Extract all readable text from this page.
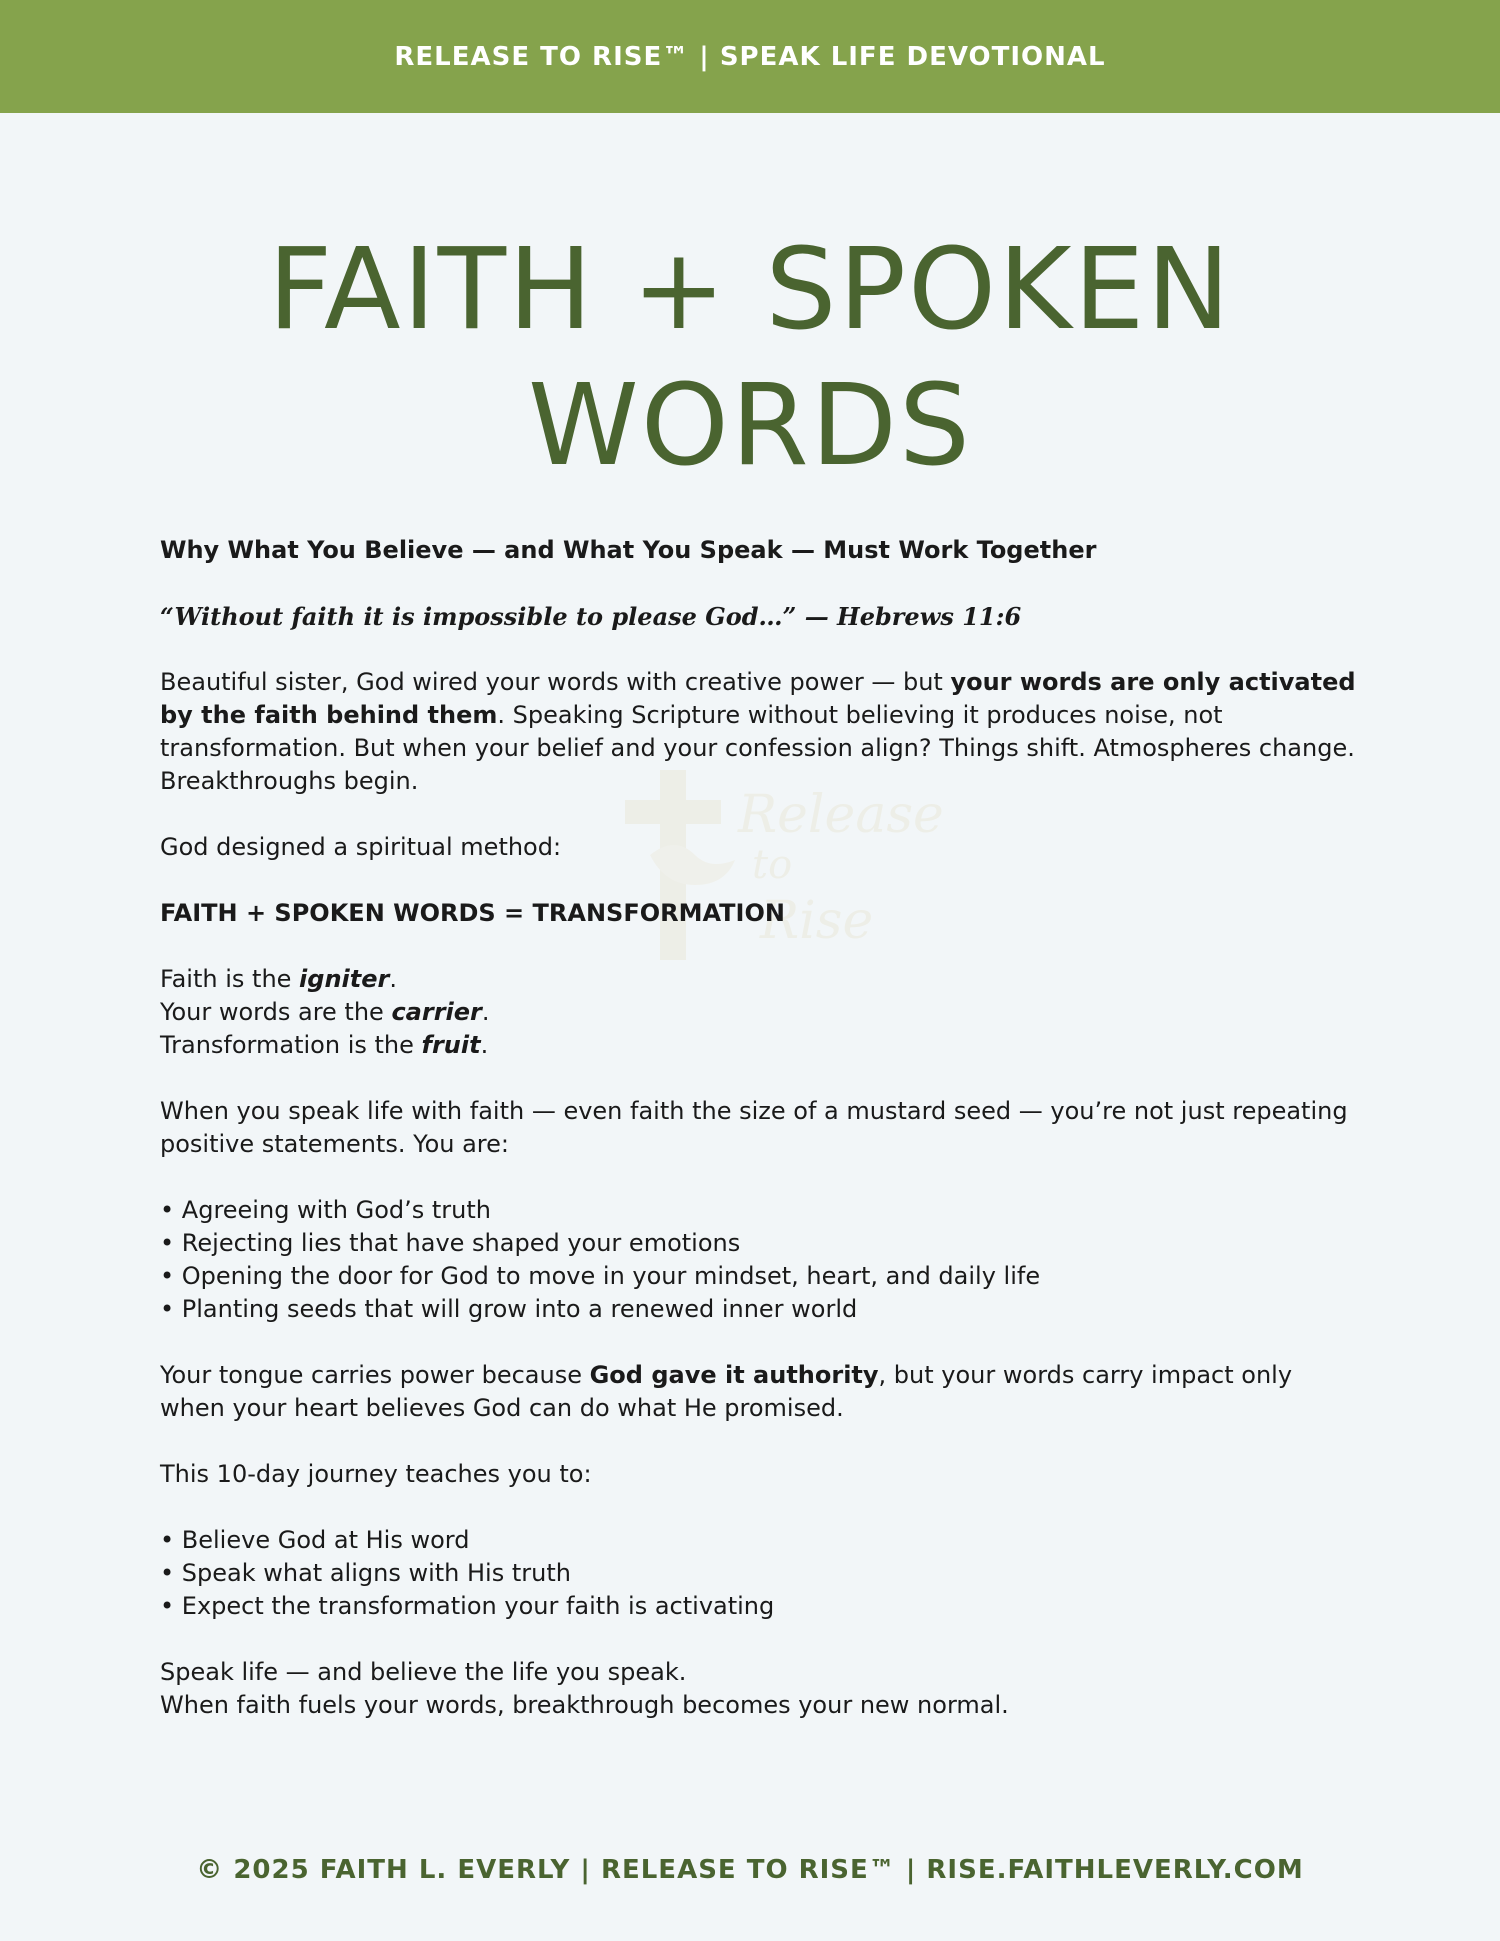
RELEASE TO RISE™ | SPEAK LIFE DEVOTIONAL
FAITH + SPOKEN
WORDS
Release
to
Rise

Why What You Believe — and What You Speak — Must Work Together

“Without faith it is impossible to please God…” — Hebrews 11:6

Beautiful sister, God wired your words with creative power — but your words are only activated by the faith behind them. Speaking Scripture without believing it produces noise, not transformation. But when your belief and your confession align? Things shift. Atmospheres change. Breakthroughs begin.

God designed a spiritual method:

FAITH + SPOKEN WORDS = TRANSFORMATION

Faith is the igniter.
Your words are the carrier.
Transformation is the fruit.

When you speak life with faith — even faith the size of a mustard seed — you’re not just repeating positive statements. You are:

• Agreeing with God’s truth
• Rejecting lies that have shaped your emotions
• Opening the door for God to move in your mindset, heart, and daily life
• Planting seeds that will grow into a renewed inner world

Your tongue carries power because God gave it authority, but your words carry impact only when your heart believes God can do what He promised.

This 10-day journey teaches you to:

• Believe God at His word
• Speak what aligns with His truth
• Expect the transformation your faith is activating

Speak life — and believe the life you speak.
When faith fuels your words, breakthrough becomes your new normal.

© 2025 FAITH L. EVERLY | RELEASE TO RISE™ | RISE.FAITHLEVERLY.COM
